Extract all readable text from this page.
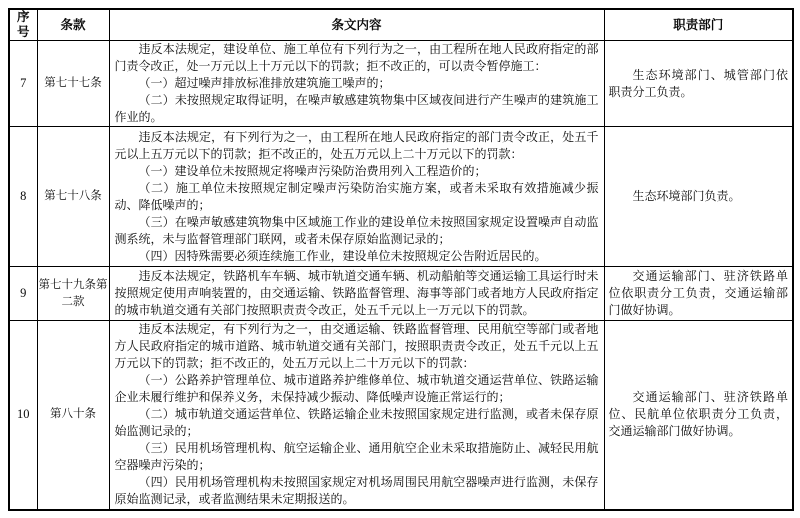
序号	条款	条文内容	职责部门
7	第七十七条	违反本法规定，建设单位、施工单位有下列行为之一，由工程所在地人民政府指定的部门责令改正，处一万元以上十万元以下的罚款；拒不改正的，可以责令暂停施工：

（一）超过噪声排放标准排放建筑施工噪声的；

（二）未按照规定取得证明，在噪声敏感建筑物集中区域夜间进行产生噪声的建筑施工作业的。	生态环境部门、城管部门依职责分工负责。

8	第七十八条	违反本法规定，有下列行为之一，由工程所在地人民政府指定的部门责令改正，处五千元以上五万元以下的罚款；拒不改正的，处五万元以上二十万元以下的罚款：

（一）建设单位未按照规定将噪声污染防治费用列入工程造价的；

（二）施工单位未按照规定制定噪声污染防治实施方案，或者未采取有效措施减少振动、降低噪声的；

（三）在噪声敏感建筑物集中区域施工作业的建设单位未按照国家规定设置噪声自动监测系统，未与监督管理部门联网，或者未保存原始监测记录的；

（四）因特殊需要必须连续施工作业，建设单位未按照规定公告附近居民的。	生态环境部门负责。

9	第七十九条第二款	违反本法规定，铁路机车车辆、城市轨道交通车辆、机动船舶等交通运输工具运行时未按照规定使用声响装置的，由交通运输、铁路监督管理、海事等部门或者地方人民政府指定的城市轨道交通有关部门按照职责责令改正，处五千元以上一万元以下的罚款。	交通运输部门、驻济铁路单位依职责分工负责，交通运输部门做好协调。

10	第八十条	违反本法规定，有下列行为之一，由交通运输、铁路监督管理、民用航空等部门或者地方人民政府指定的城市道路、城市轨道交通有关部门，按照职责责令改正，处五千元以上五万元以下的罚款；拒不改正的，处五万元以上二十万元以下的罚款：

（一）公路养护管理单位、城市道路养护维修单位、城市轨道交通运营单位、铁路运输企业未履行维护和保养义务，未保持减少振动、降低噪声设施正常运行的；

（二）城市轨道交通运营单位、铁路运输企业未按照国家规定进行监测，或者未保存原始监测记录的；

（三）民用机场管理机构、航空运输企业、通用航空企业未采取措施防止、减轻民用航空器噪声污染的；

（四）民用机场管理机构未按照国家规定对机场周围民用航空器噪声进行监测，未保存原始监测记录，或者监测结果未定期报送的。	交通运输部门、驻济铁路单位、民航单位依职责分工负责，交通运输部门做好协调。
